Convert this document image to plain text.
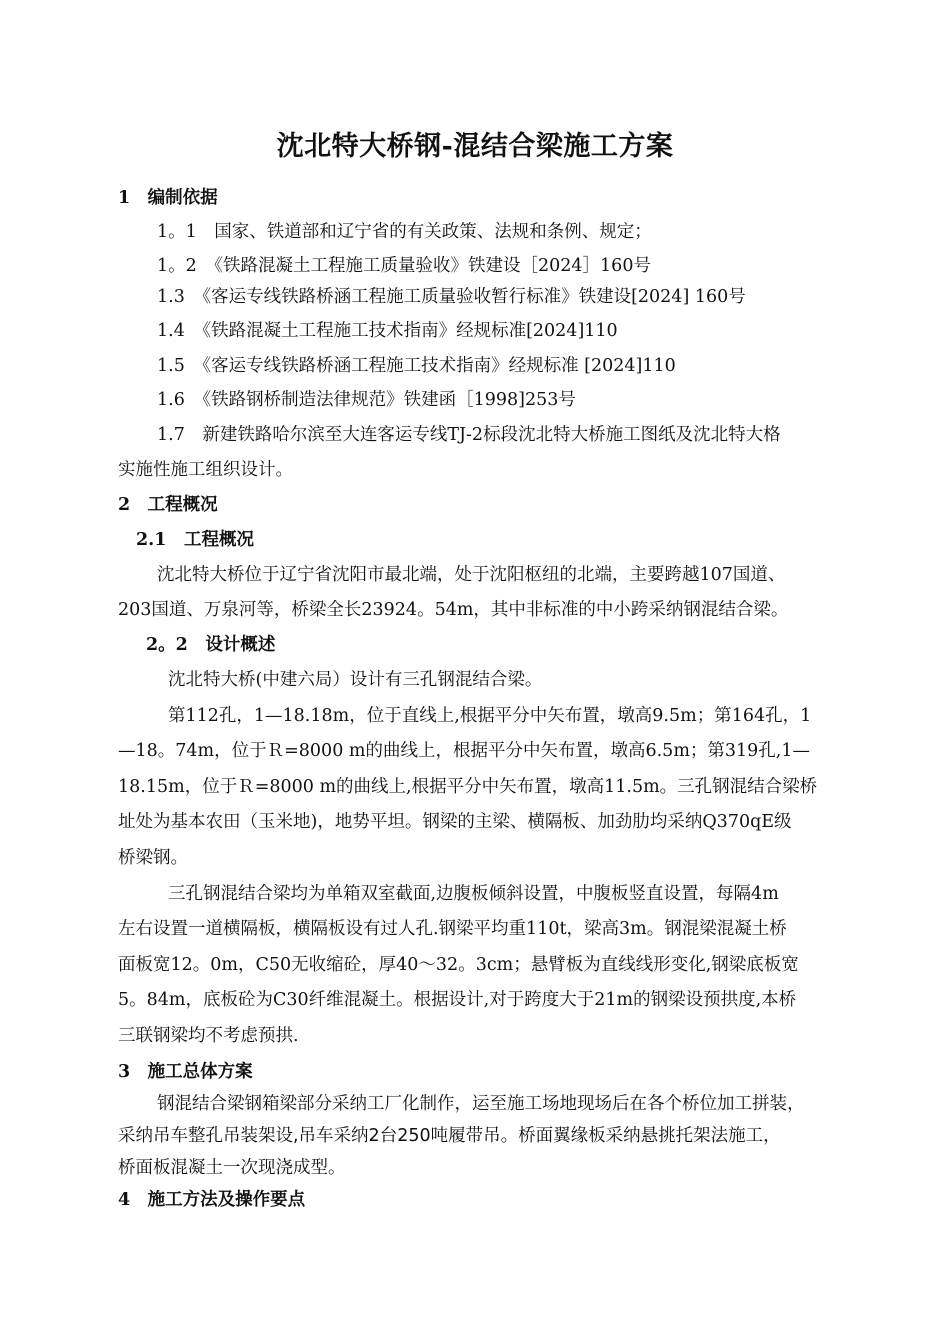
沈北特大桥钢-混结合梁施工方案
1　编制依据
1。1　国家、铁道部和辽宁省的有关政策、法规和条例、规定；
1。2　《铁路混凝土工程施工质量验收》铁建设［2024］160号
1.3　《客运专线铁路桥涵工程施工质量验收暂行标准》铁建设[2024] 160号
1.4　《铁路混凝土工程施工技术指南》经规标准[2024]110
1.5　《客运专线铁路桥涵工程施工技术指南》经规标准 [2024]110
1.6　《铁路钢桥制造法律规范》铁建函［1998]253号
1.7　新建铁路哈尔滨至大连客运专线TJ-2标段沈北特大桥施工图纸及沈北特大格
实施性施工组织设计。
2　工程概况
2.1　工程概况
沈北特大桥位于辽宁省沈阳市最北端，处于沈阳枢纽的北端，主要跨越107国道、
203国道、万泉河等，桥梁全长23924。54m，其中非标准的中小跨采纳钢混结合梁。
2。2　设计概述
沈北特大桥(中建六局）设计有三孔钢混结合梁。
第112孔，1—18.18m，位于直线上,根据平分中矢布置，墩高9.5m；第164孔，1
—18。74m，位于Ｒ=8000 m的曲线上，根据平分中矢布置，墩高6.5m；第319孔,1—
18.15m，位于Ｒ=8000 m的曲线上,根据平分中矢布置，墩高11.5m。三孔钢混结合梁桥
址处为基本农田（玉米地)，地势平坦。钢梁的主梁、横隔板、加劲肋均采纳Q370qE级
桥梁钢。
三孔钢混结合梁均为单箱双室截面,边腹板倾斜设置，中腹板竖直设置，每隔4m
左右设置一道横隔板，横隔板设有过人孔.钢梁平均重110t，梁高3m。钢混梁混凝土桥
面板宽12。0m，C50无收缩砼，厚40～32。3cm；悬臂板为直线线形变化,钢梁底板宽
5。84m，底板砼为C30纤维混凝土。根据设计,对于跨度大于21m的钢梁设预拱度,本桥
三联钢梁均不考虑预拱.
3　施工总体方案
钢混结合梁钢箱梁部分采纳工厂化制作，运至施工场地现场后在各个桥位加工拼装，
采纳吊车整孔吊装架设,吊车采纳2台250吨履带吊。桥面翼缘板采纳悬挑托架法施工，
桥面板混凝土一次现浇成型。
4　施工方法及操作要点
